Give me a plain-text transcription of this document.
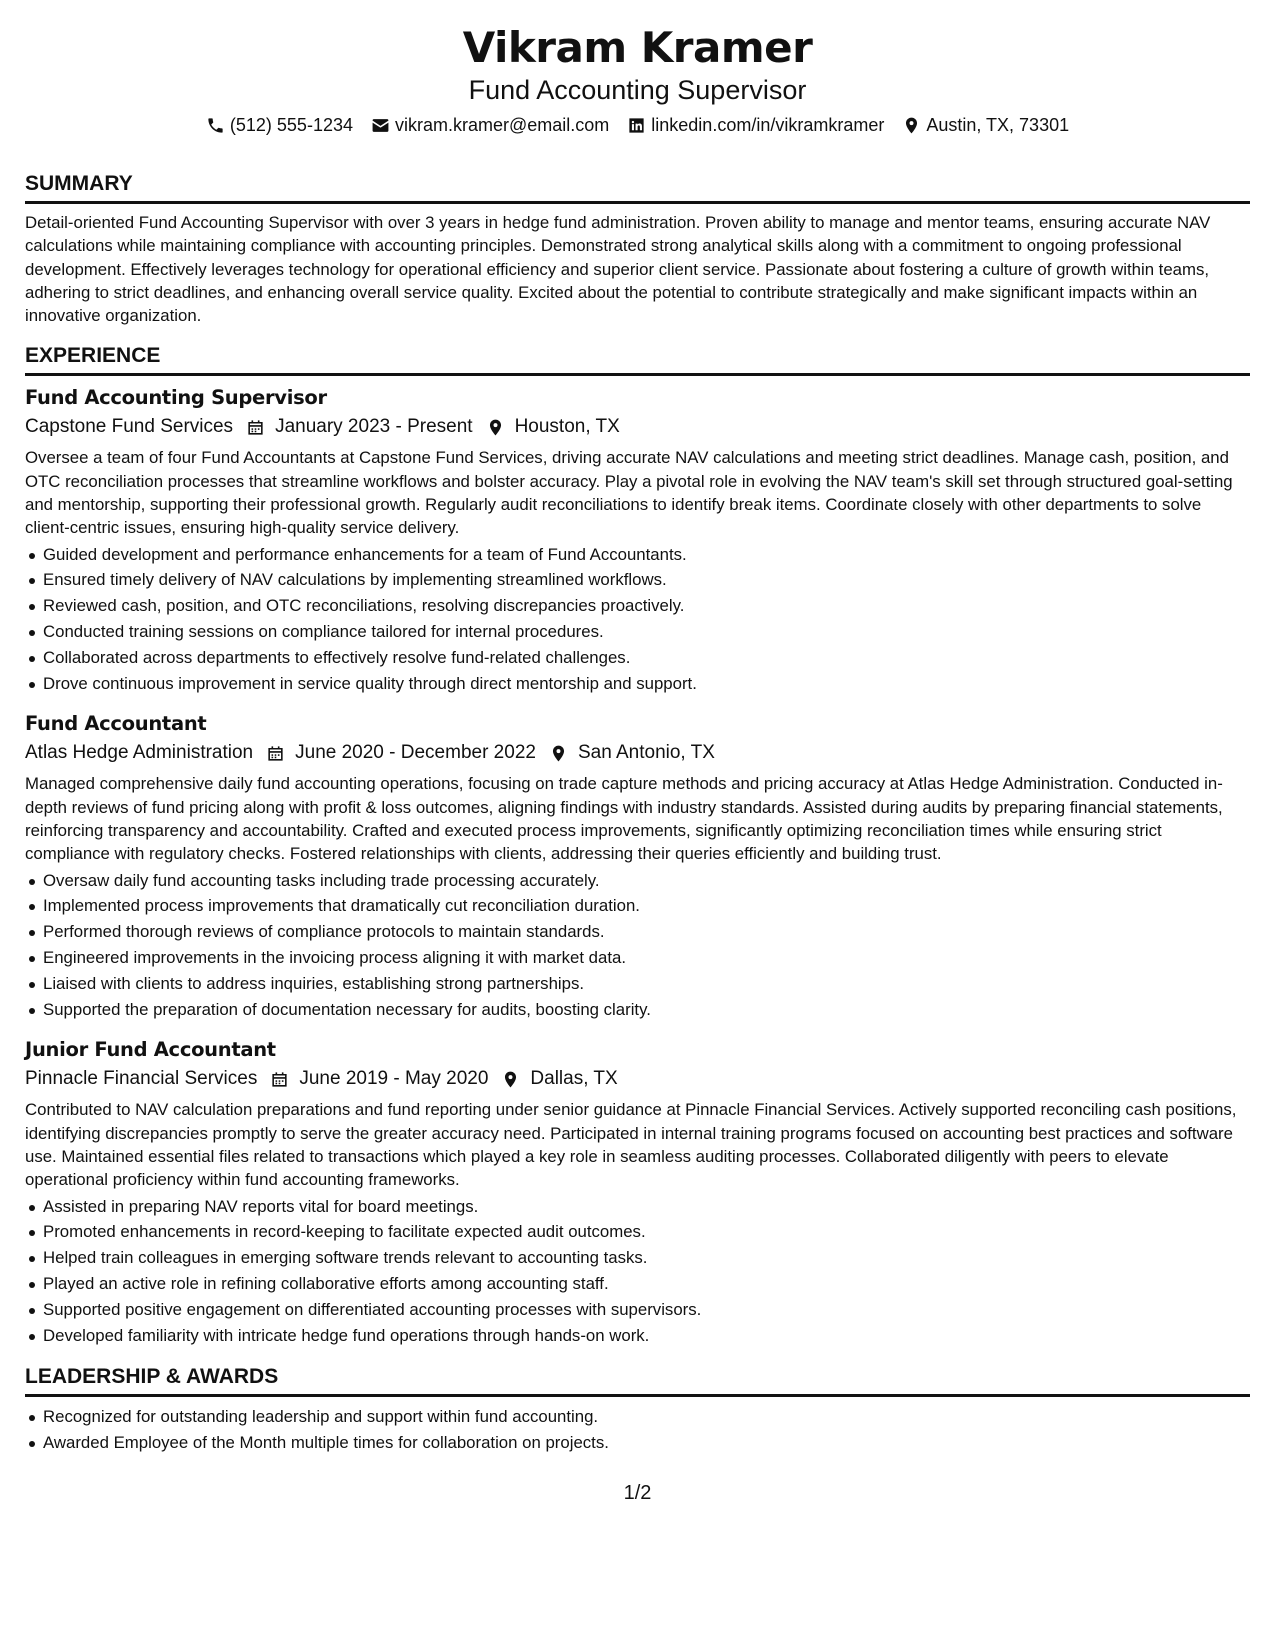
Vikram Kramer
Fund Accounting Supervisor
(512) 555-1234 vikram.kramer@email.com linkedin.com/in/vikramkramer Austin, TX, 73301
SUMMARY
Detail-oriented Fund Accounting Supervisor with over 3 years in hedge fund administration. Proven ability to manage and mentor teams, ensuring accurate NAV calculations while maintaining compliance with accounting principles. Demonstrated strong analytical skills along with a commitment to ongoing professional development. Effectively leverages technology for operational efficiency and superior client service. Passionate about fostering a culture of growth within teams, adhering to strict deadlines, and enhancing overall service quality. Excited about the potential to contribute strategically and make significant impacts within an innovative organization.
EXPERIENCE
Fund Accounting Supervisor
Capstone Fund Services January 2023 - Present Houston, TX
Oversee a team of four Fund Accountants at Capstone Fund Services, driving accurate NAV calculations and meeting strict deadlines. Manage cash, position, and OTC reconciliation processes that streamline workflows and bolster accuracy. Play a pivotal role in evolving the NAV team's skill set through structured goal-setting and mentorship, supporting their professional growth. Regularly audit reconciliations to identify break items. Coordinate closely with other departments to solve client-centric issues, ensuring high-quality service delivery.
Guided development and performance enhancements for a team of Fund Accountants.
Ensured timely delivery of NAV calculations by implementing streamlined workflows.
Reviewed cash, position, and OTC reconciliations, resolving discrepancies proactively.
Conducted training sessions on compliance tailored for internal procedures.
Collaborated across departments to effectively resolve fund-related challenges.
Drove continuous improvement in service quality through direct mentorship and support.
Fund Accountant
Atlas Hedge Administration June 2020 - December 2022 San Antonio, TX
Managed comprehensive daily fund accounting operations, focusing on trade capture methods and pricing accuracy at Atlas Hedge Administration. Conducted in-depth reviews of fund pricing along with profit & loss outcomes, aligning findings with industry standards. Assisted during audits by preparing financial statements, reinforcing transparency and accountability. Crafted and executed process improvements, significantly optimizing reconciliation times while ensuring strict compliance with regulatory checks. Fostered relationships with clients, addressing their queries efficiently and building trust.
Oversaw daily fund accounting tasks including trade processing accurately.
Implemented process improvements that dramatically cut reconciliation duration.
Performed thorough reviews of compliance protocols to maintain standards.
Engineered improvements in the invoicing process aligning it with market data.
Liaised with clients to address inquiries, establishing strong partnerships.
Supported the preparation of documentation necessary for audits, boosting clarity.
Junior Fund Accountant
Pinnacle Financial Services June 2019 - May 2020 Dallas, TX
Contributed to NAV calculation preparations and fund reporting under senior guidance at Pinnacle Financial Services. Actively supported reconciling cash positions, identifying discrepancies promptly to serve the greater accuracy need. Participated in internal training programs focused on accounting best practices and software use. Maintained essential files related to transactions which played a key role in seamless auditing processes. Collaborated diligently with peers to elevate operational proficiency within fund accounting frameworks.
Assisted in preparing NAV reports vital for board meetings.
Promoted enhancements in record-keeping to facilitate expected audit outcomes.
Helped train colleagues in emerging software trends relevant to accounting tasks.
Played an active role in refining collaborative efforts among accounting staff.
Supported positive engagement on differentiated accounting processes with supervisors.
Developed familiarity with intricate hedge fund operations through hands-on work.
LEADERSHIP & AWARDS
Recognized for outstanding leadership and support within fund accounting.
Awarded Employee of the Month multiple times for collaboration on projects.
1/2
